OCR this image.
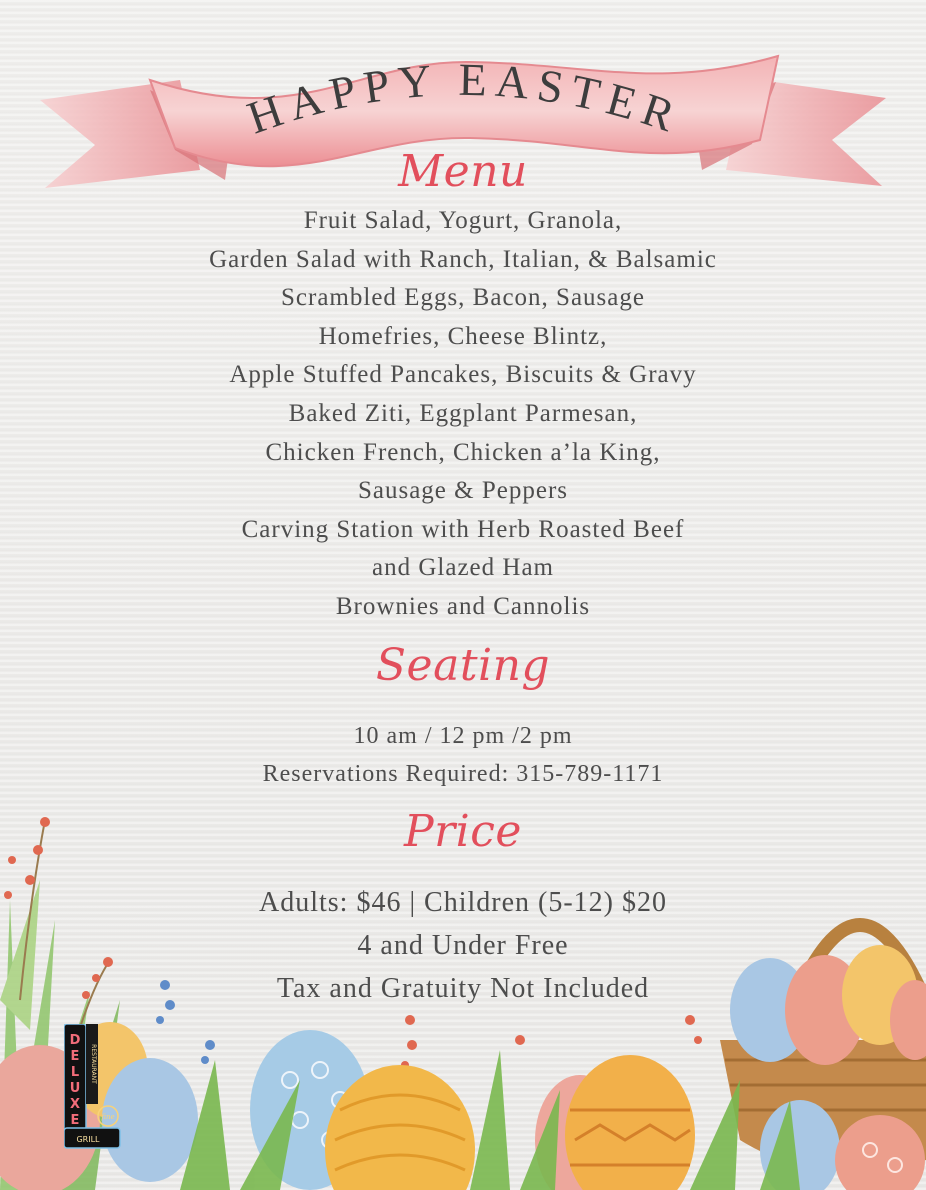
HAPPY EASTER
Menu
Fruit Salad, Yogurt, Granola,
Garden Salad with Ranch, Italian, & Balsamic
Scrambled Eggs, Bacon, Sausage
Homefries, Cheese Blintz,
Apple Stuffed Pancakes, Biscuits & Gravy
Baked Ziti, Eggplant Parmesan,
Chicken French, Chicken a’la King,
Sausage & Peppers
Carving Station with Herb Roasted Beef
and Glazed Ham
Brownies and Cannolis
Seating
10 am / 12 pm /2 pm
Reservations Required: 315-789-1171
Price
Adults: $46 | Children (5-12) $20
4 and Under Free
Tax and Gratuity Not Included
D
E
L
U
X
E
RESTAURANT
fine
GRILL
